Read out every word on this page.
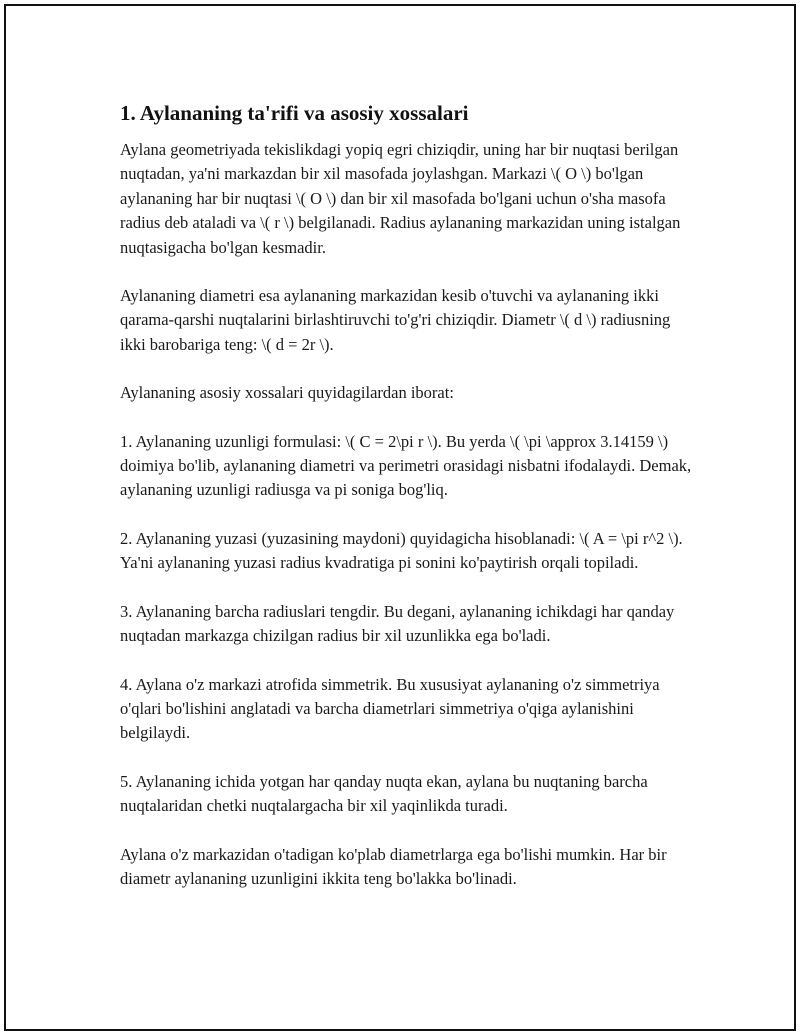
1. Aylananing ta'rifi va asosiy xossalari

Aylana geometriyada tekislikdagi yopiq egri chiziqdir, uning har bir nuqtasi berilgan nuqtadan, ya'ni markazdan bir xil masofada joylashgan. Markazi \( O \) bo'lgan aylananing har bir nuqtasi \( O \) dan bir xil masofada bo'lgani uchun o'sha masofa radius deb ataladi va \( r \) belgilanadi. Radius aylananing markazidan uning istalgan nuqtasigacha bo'lgan kesmadir.

Aylananing diametri esa aylananing markazidan kesib o'tuvchi va aylananing ikki qarama-qarshi nuqtalarini birlashtiruvchi to'g'ri chiziqdir. Diametr \( d \) radiusning ikki barobariga teng: \( d = 2r \).

Aylananing asosiy xossalari quyidagilardan iborat:

1. Aylananing uzunligi formulasi: \( C = 2\pi r \). Bu yerda \( \pi \approx 3.14159 \) doimiya bo'lib, aylananing diametri va perimetri orasidagi nisbatni ifodalaydi. Demak, aylananing uzunligi radiusga va pi soniga bog'liq.

2. Aylananing yuzasi (yuzasining maydoni) quyidagicha hisoblanadi: \( A = \pi r^2 \). Ya'ni aylananing yuzasi radius kvadratiga pi sonini ko'paytirish orqali topiladi.

3. Aylananing barcha radiuslari tengdir. Bu degani, aylananing ichikdagi har qanday nuqtadan markazga chizilgan radius bir xil uzunlikka ega bo'ladi.

4. Aylana o'z markazi atrofida simmetrik. Bu xususiyat aylananing o'z simmetriya o'qlari bo'lishini anglatadi va barcha diametrlari simmetriya o'qiga aylanishini belgilaydi.

5. Aylananing ichida yotgan har qanday nuqta ekan, aylana bu nuqtaning barcha nuqtalaridan chetki nuqtalargacha bir xil yaqinlikda turadi.

Aylana o'z markazidan o'tadigan ko'plab diametrlarga ega bo'lishi mumkin. Har bir diametr aylananing uzunligini ikkita teng bo'lakka bo'linadi.
